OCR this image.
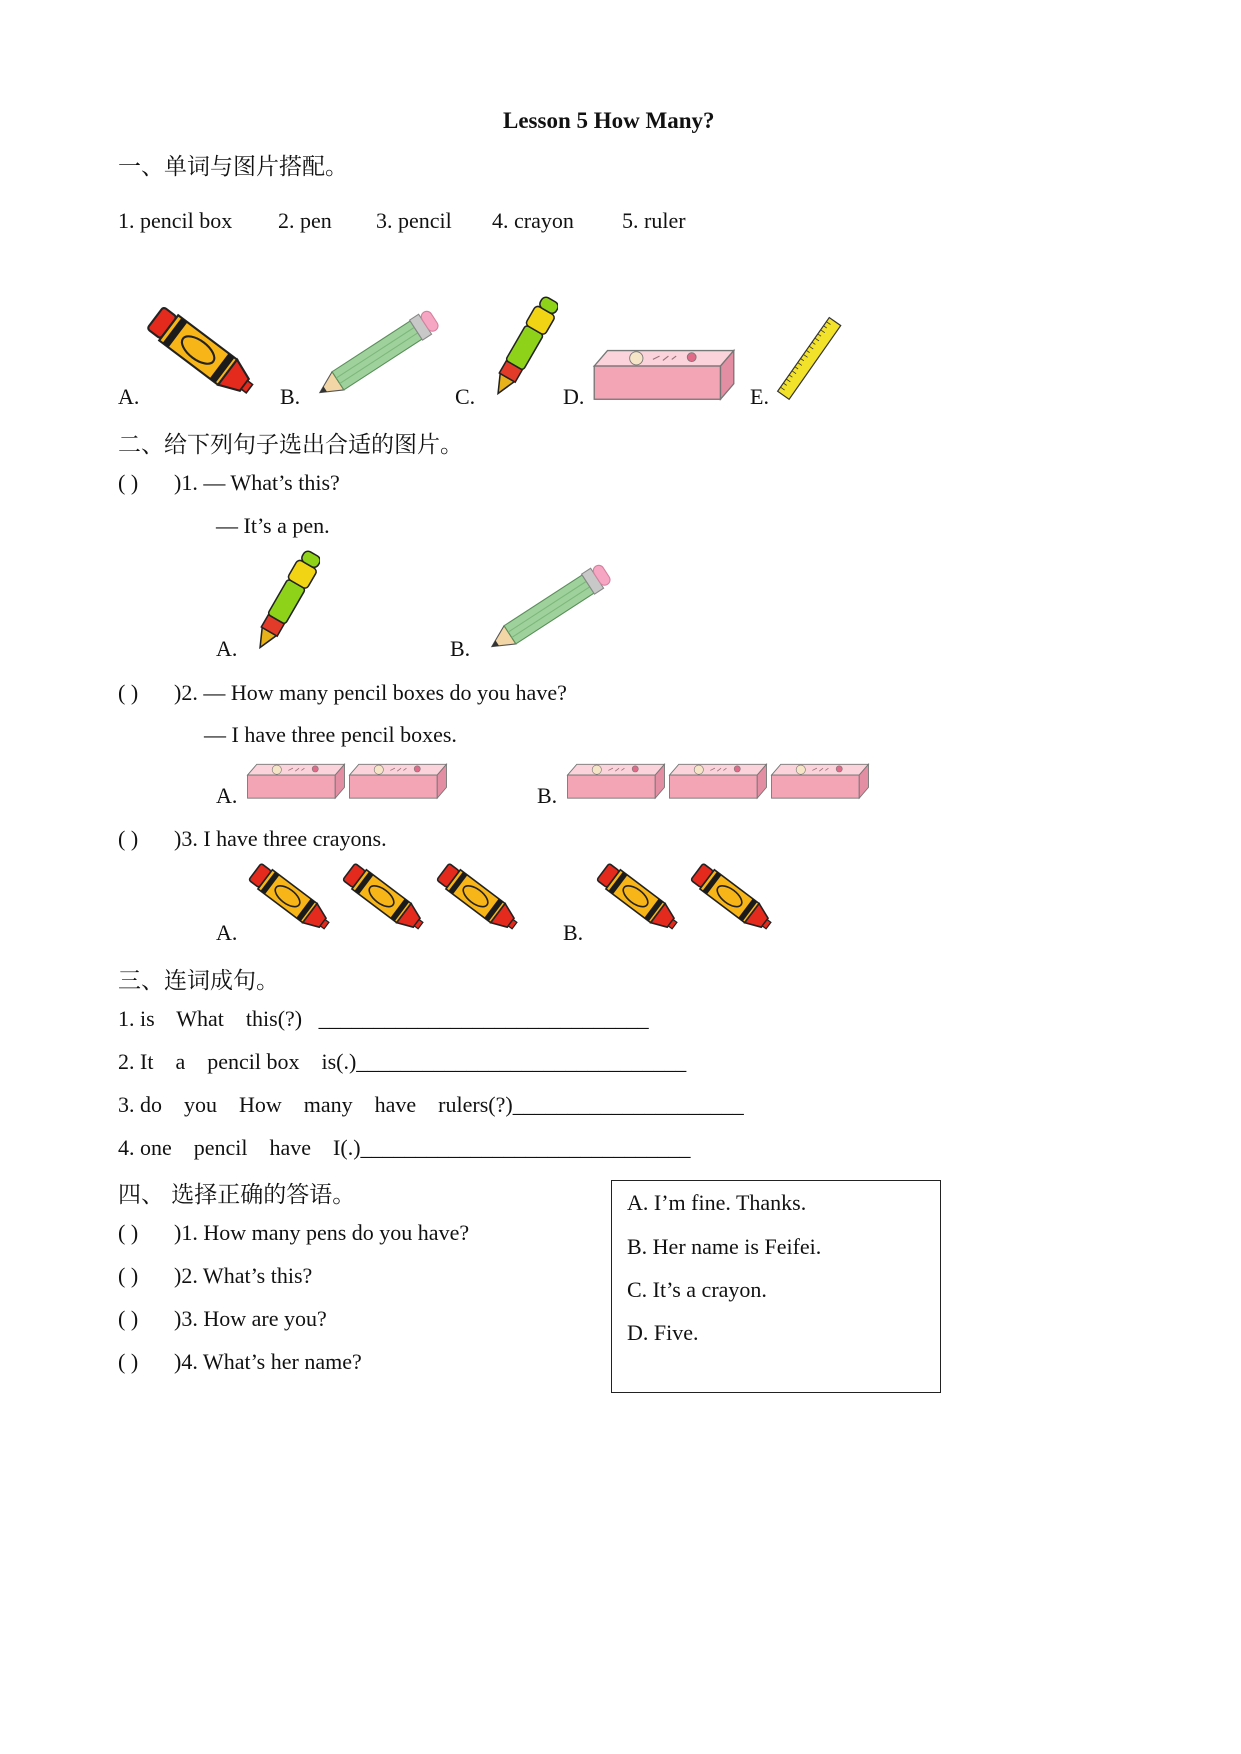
Lesson 5 How Many?
一、单词与图片搭配。
1. pencil box 2. pen 3. pencil 4. crayon 5. ruler
A.	B.	C.	D.	E.
二、给下列句子选出合适的图片。
( ) )1. — What’s this?
— It’s a pen.
A.	B.
( ) )2. — How many pencil boxes do you have?
— I have three pencil boxes.
A.	B.
( ) )3. I have three crayons.
A.	B.
三、连词成句。
1. is    What    this(?)   ______________________________
2. It    a    pencil box    is(.)______________________________
3. do    you    How    many    have    rulers(?)_____________________
4. one    pencil    have    I(.)______________________________
四、 选择正确的答语。
( ) )1. How many pens do you have?
( ) )2. What’s this?
( ) )3. How are you?
( ) )4. What’s her name?
A. I’m fine. Thanks.
B. Her name is Feifei.
C. It’s a crayon.
D. Five.
